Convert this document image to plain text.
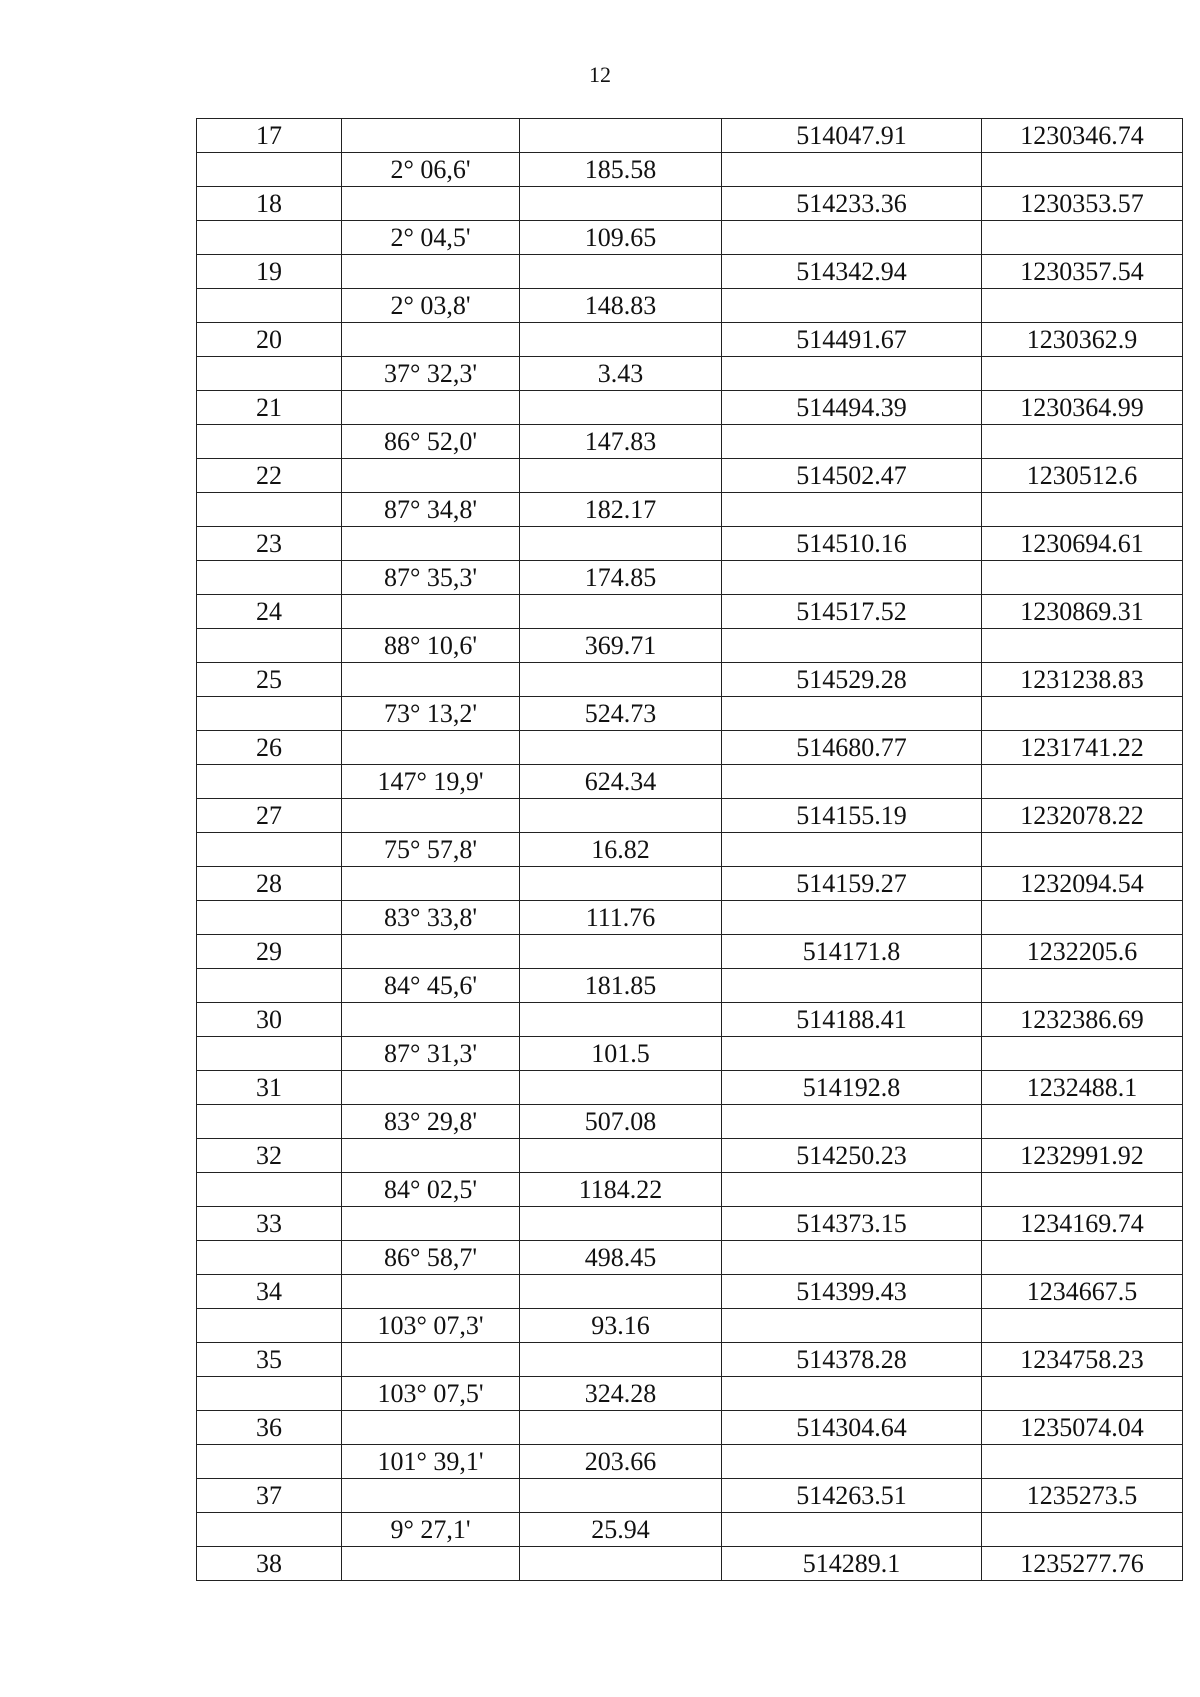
12
17			514047.91	1230346.74
	2° 06,6'	185.58		
18			514233.36	1230353.57
	2° 04,5'	109.65		
19			514342.94	1230357.54
	2° 03,8'	148.83		
20			514491.67	1230362.9
	37° 32,3'	3.43		
21			514494.39	1230364.99
	86° 52,0'	147.83		
22			514502.47	1230512.6
	87° 34,8'	182.17		
23			514510.16	1230694.61
	87° 35,3'	174.85		
24			514517.52	1230869.31
	88° 10,6'	369.71		
25			514529.28	1231238.83
	73° 13,2'	524.73		
26			514680.77	1231741.22
	147° 19,9'	624.34		
27			514155.19	1232078.22
	75° 57,8'	16.82		
28			514159.27	1232094.54
	83° 33,8'	111.76		
29			514171.8	1232205.6
	84° 45,6'	181.85		
30			514188.41	1232386.69
	87° 31,3'	101.5		
31			514192.8	1232488.1
	83° 29,8'	507.08		
32			514250.23	1232991.92
	84° 02,5'	1184.22		
33			514373.15	1234169.74
	86° 58,7'	498.45		
34			514399.43	1234667.5
	103° 07,3'	93.16		
35			514378.28	1234758.23
	103° 07,5'	324.28		
36			514304.64	1235074.04
	101° 39,1'	203.66		
37			514263.51	1235273.5
	9° 27,1'	25.94		
38			514289.1	1235277.76
